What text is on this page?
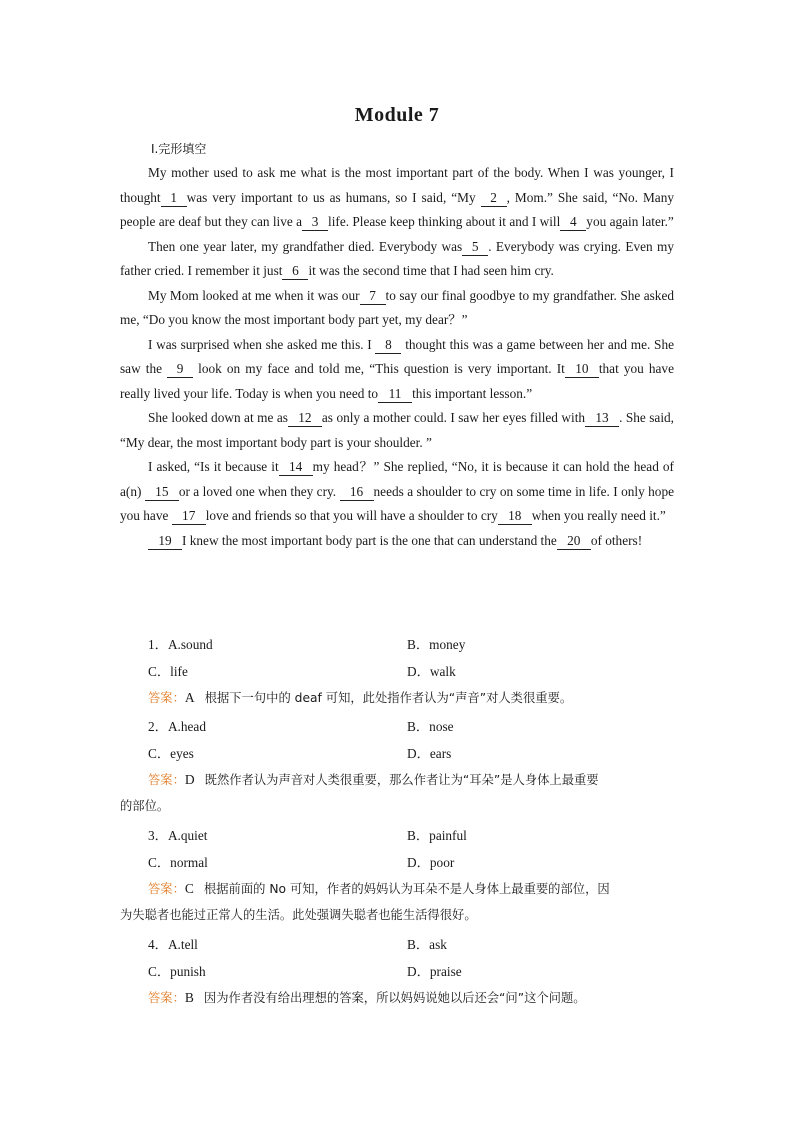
Module 7
Ⅰ.完形填空

My mother used to ask me what is the most important part of the body. When I was younger, I thought 1 was very important to us as humans, so I said, “My 2 , Mom.” She said, “No. Many people are deaf but they can live a 3 life. Please keep thinking about it and I will 4 you again later.”

Then one year later, my grandfather died. Everybody was 5 . Everybody was crying. Even my father cried. I remember it just 6 it was the second time that I had seen him cry.

My Mom looked at me when it was our 7 to say our final goodbye to my grandfather. She asked me, “Do you know the most important body part yet, my dear？”

I was surprised when she asked me this. I 8 thought this was a game between her and me. She saw the 9 look on my face and told me, “This question is very important. It 10 that you have really lived your life. Today is when you need to 11 this important lesson.”

She looked down at me as 12 as only a mother could. I saw her eyes filled with 13 . She said, “My dear, the most important body part is your shoulder. ”

I asked, “Is it because it 14 my head？” She replied, “No, it is because it can hold the head of a(n) 15 or a loved one when they cry. 16 needs a shoulder to cry on some time in life. I only hope you have 17 love and friends so that you will have a shoulder to cry 18 when you really need it.”

19 I knew the most important body part is the one that can understand the 20 of others!

1．A.sound	B．money
C．life	D．walk
答案：A 根据下一句中的 deaf 可知，此处指作者认为“声音”对人类很重要。
2．A.head	B．nose
C．eyes	D．ears
答案：D 既然作者认为声音对人类很重要，那么作者让为“耳朵”是人身体上最重要
的部位。
3．A.quiet	B．painful
C．normal	D．poor
答案：C 根据前面的 No 可知，作者的妈妈认为耳朵不是人身体上最重要的部位，因
为失聪者也能过正常人的生活。此处强调失聪者也能生活得很好。
4．A.tell	B．ask
C．punish	D．praise
答案：B 因为作者没有给出理想的答案，所以妈妈说她以后还会“问”这个问题。
